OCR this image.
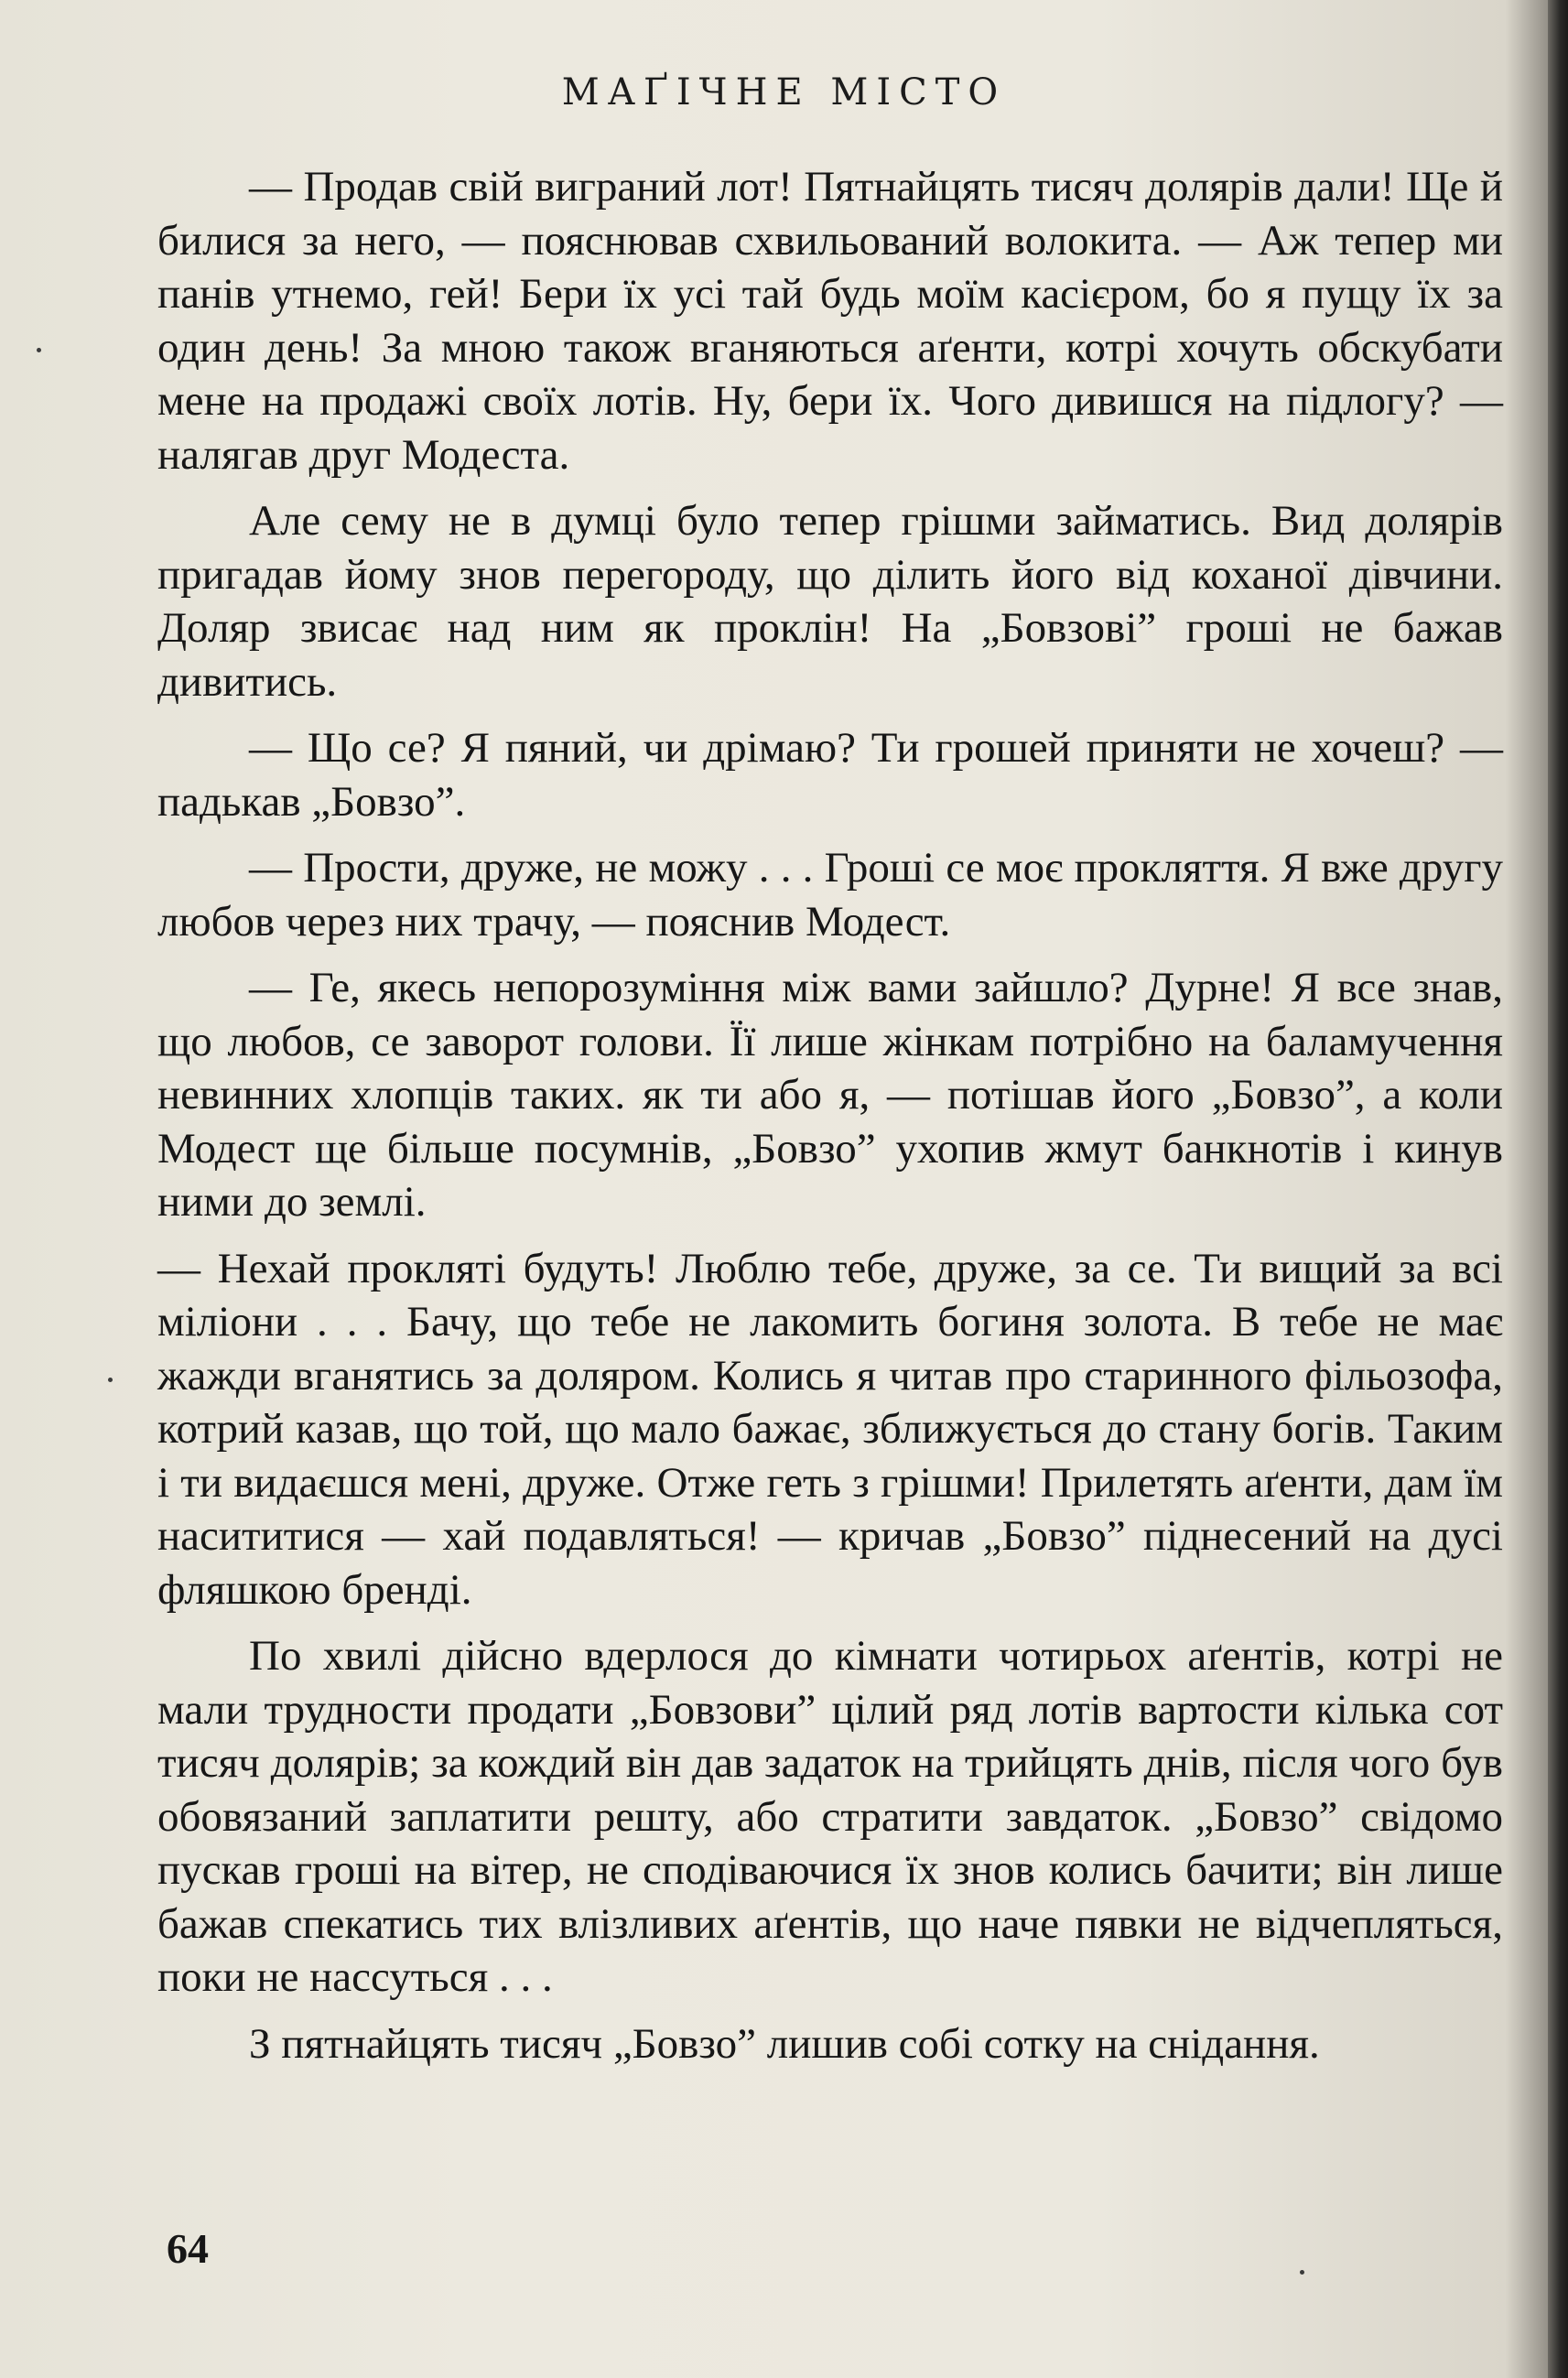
МАҐІЧНЕ МІСТО

— Продав свій виграний лот! Пятнайцять тисяч долярів дали! Ще й билися за него, — пояснював схвильований волокита. — Аж тепер ми панів утнемо, гей! Бери їх усі тай будь моїм касієром, бо я пущу їх за один день! За мною також вганяються аґенти, котрі хочуть обскубати мене на продажі своїх лотів. Ну, бери їх. Чого дивишся на підлогу? — налягав друг Модеста.

Але сему не в думці було тепер грішми займатись. Вид долярів пригадав йому знов перегороду, що ділить його від коханої дівчини. Доляр звисає над ним як проклін! На „Бовзові” гроші не бажав дивитись.

— Що се? Я пяний, чи дрімаю? Ти грошей приняти не хочеш? — падькав „Бовзо”.

— Прости, друже, не можу . . . Гроші се моє прокляття. Я вже другу любов через них трачу, — пояснив Модест.

— Ге, якесь непорозуміння між вами зайшло? Дурне! Я все знав, що любов, се заворот голови. Її лише жінкам потрібно на баламучення невинних хлопців таких. як ти або я, — потішав його „Бовзо”, а коли Модест ще більше посумнів, „Бовзо” ухопив жмут банкнотів і кинув ними до землі.

— Нехай прокляті будуть! Люблю тебе, друже, за се. Ти вищий за всі міліони . . . Бачу, що тебе не лакомить богиня золота. В тебе не має жажди вганятись за доляром. Колись я читав про старинного фільозофа, котрий казав, що той, що мало бажає, зближується до стану богів. Таким і ти видаєшся мені, друже. Отже геть з грішми! Прилетять аґенти, дам їм насититися — хай подавляться! — кричав „Бовзо” піднесений на дусі фляшкою бренді.

По хвилі дійсно вдерлося до кімнати чотирьох аґентів, котрі не мали трудности продати „Бовзови” цілий ряд лотів вартости кілька сот тисяч долярів; за кождий він дав задаток на трийцять днів, після чого був обовязаний заплатити решту, або стратити завдаток. „Бовзо” свідомо пускав гроші на вітер, не сподіваючися їх знов колись бачити; він лише бажав спекатись тих влізливих аґентів, що наче пявки не відчепляться, поки не нассуться . . .

З пятнайцять тисяч „Бовзо” лишив собі сотку на снідання.

64
